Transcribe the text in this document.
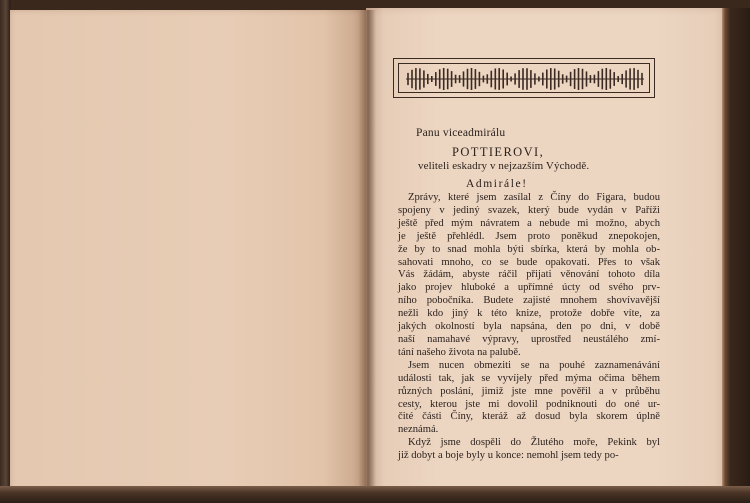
Panu viceadmirálu
POTTIEROVI,
veliteli eskadry v nejzazším Východě.
Admirále!
Zprávy, které jsem zasílal z Číny do Figara, budou
spojeny v jediný svazek, který bude vydán v Paříži
ještě před mým návratem a nebude mi možno, abych
je ještě přehlédl. Jsem proto poněkud znepokojen,
že by to snad mohla býti sbírka, která by mohla ob-
sahovati mnoho, co se bude opakovati. Přes to však
Vás žádám, abyste ráčil přijati věnování tohoto díla
jako projev hluboké a upřímné úcty od svého prv-
ního pobočníka. Budete zajisté mnohem shovívavější
nežli kdo jiný k této knize, protože dobře víte, za
jakých okolností byla napsána, den po dni, v době
naší namahavé výpravy, uprostřed neustálého zmí-
tání našeho života na palubě.
Jsem nucen obmeziti se na pouhé zaznamenávání
události tak, jak se vyvíjely před mýma očima během
různých poslání, jimiž jste mne pověřil a v průběhu
cesty, kterou jste mi dovolil podniknouti do oné ur-
čité části Číny, kteráž až dosud byla skorem úplně
neznámá.
Když jsme dospěli do Žlutého moře, Pekink byl
již dobyt a boje byly u konce: nemohl jsem tedy po-
